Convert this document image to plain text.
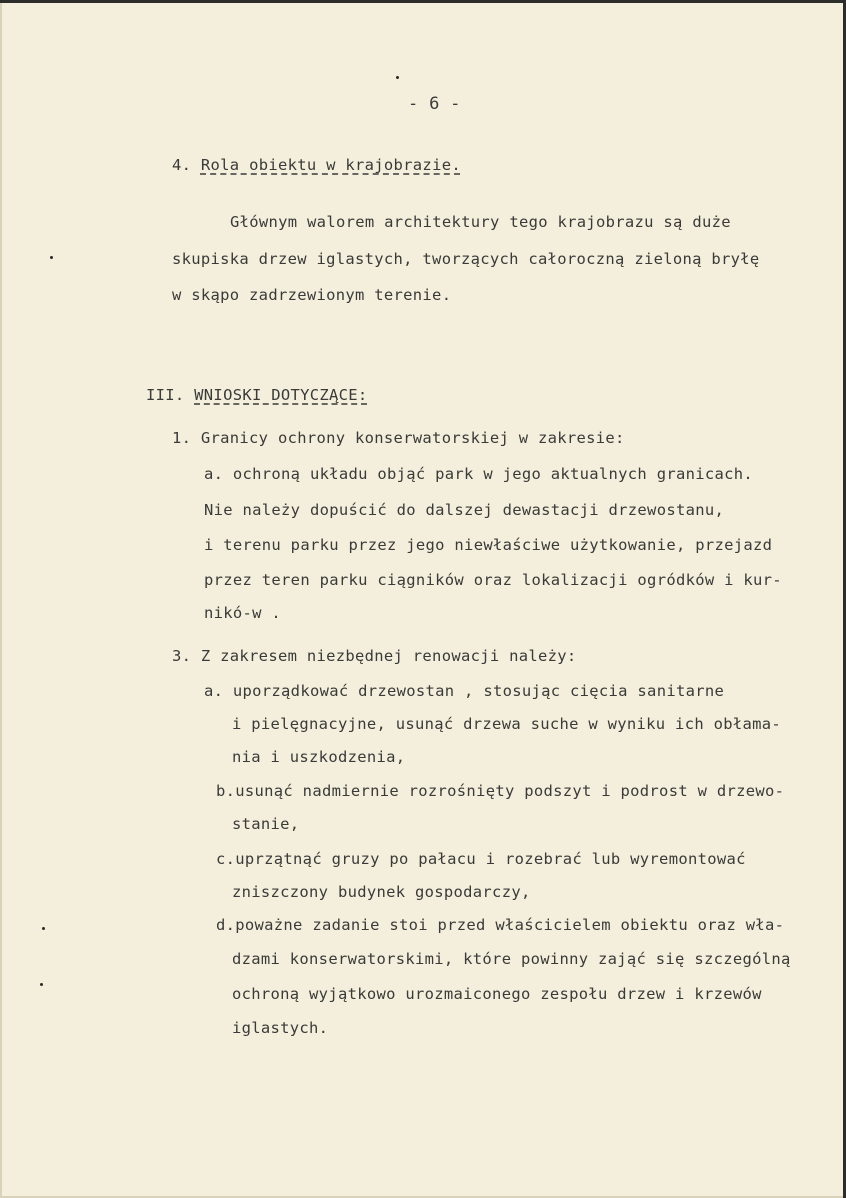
- 6 -
4. Rola obiektu w krajobrazie.
Głównym walorem architektury tego krajobrazu są duże
skupiska drzew iglastych, tworzących całoroczną zieloną bryłę
w skąpo zadrzewionym terenie.
III. WNIOSKI DOTYCZĄCE:
1. Granicy ochrony konserwatorskiej w zakresie:
a. ochroną układu objąć park w jego aktualnych granicach.
Nie należy dopuścić do dalszej dewastacji drzewostanu,
i terenu parku przez jego niewłaściwe użytkowanie, przejazd
przez teren parku ciągników oraz lokalizacji ogródków i kur-
nikó-w .
3. Z zakresem niezbędnej renowacji należy:
a. uporządkować drzewostan , stosując cięcia sanitarne
i pielęgnacyjne, usunąć drzewa suche w wyniku ich obłama-
nia i uszkodzenia,
b.usunąć nadmiernie rozrośnięty podszyt i podrost w drzewo-
stanie,
c.uprzątnąć gruzy po pałacu i rozebrać lub wyremontować
zniszczony budynek gospodarczy,
d.poważne zadanie stoi przed właścicielem obiektu oraz wła-
dzami konserwatorskimi, które powinny zająć się szczególną
ochroną wyjątkowo urozmaiconego zespołu drzew i krzewów
iglastych.
